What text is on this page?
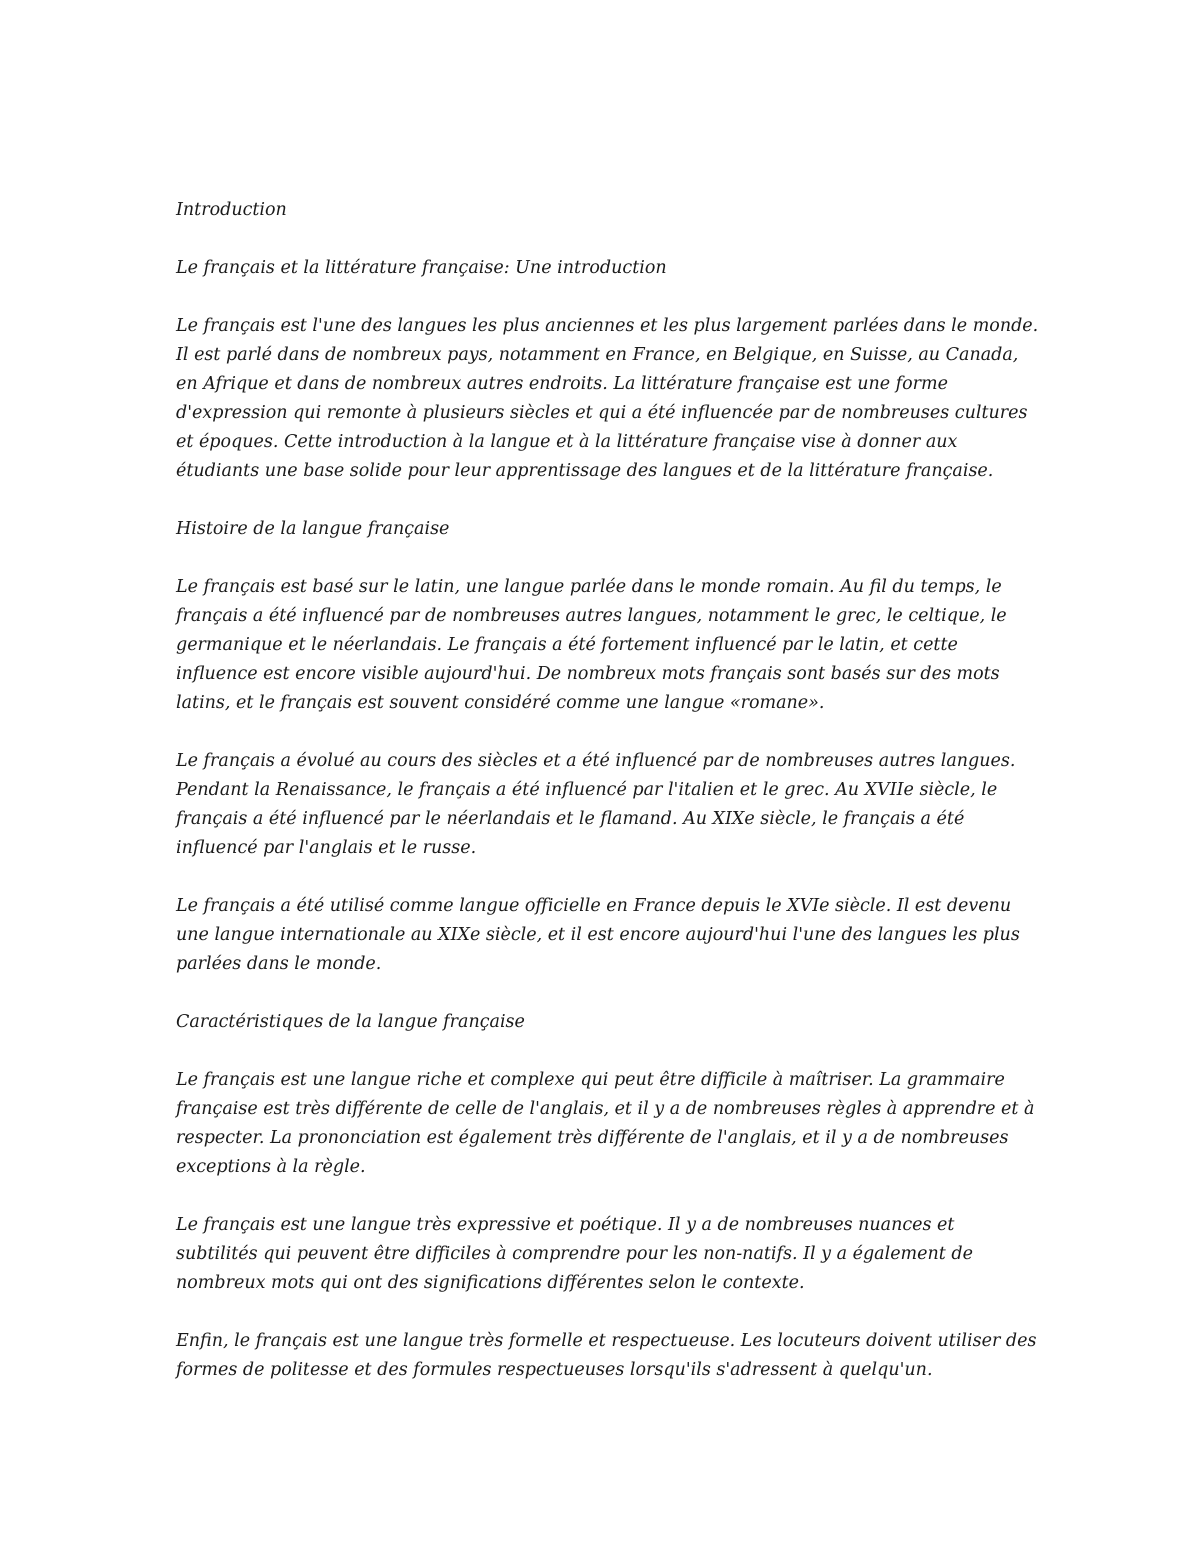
Introduction

Le français et la littérature française: Une introduction

Le français est l'une des langues les plus anciennes et les plus largement parlées dans le monde.
Il est parlé dans de nombreux pays, notamment en France, en Belgique, en Suisse, au Canada,
en Afrique et dans de nombreux autres endroits. La littérature française est une forme
d'expression qui remonte à plusieurs siècles et qui a été influencée par de nombreuses cultures
et époques. Cette introduction à la langue et à la littérature française vise à donner aux
étudiants une base solide pour leur apprentissage des langues et de la littérature française.

Histoire de la langue française

Le français est basé sur le latin, une langue parlée dans le monde romain. Au fil du temps, le
français a été influencé par de nombreuses autres langues, notamment le grec, le celtique, le
germanique et le néerlandais. Le français a été fortement influencé par le latin, et cette
influence est encore visible aujourd'hui. De nombreux mots français sont basés sur des mots
latins, et le français est souvent considéré comme une langue «romane».

Le français a évolué au cours des siècles et a été influencé par de nombreuses autres langues.
Pendant la Renaissance, le français a été influencé par l'italien et le grec. Au XVIIe siècle, le
français a été influencé par le néerlandais et le flamand. Au XIXe siècle, le français a été
influencé par l'anglais et le russe.

Le français a été utilisé comme langue officielle en France depuis le XVIe siècle. Il est devenu
une langue internationale au XIXe siècle, et il est encore aujourd'hui l'une des langues les plus
parlées dans le monde.

Caractéristiques de la langue française

Le français est une langue riche et complexe qui peut être difficile à maîtriser. La grammaire
française est très différente de celle de l'anglais, et il y a de nombreuses règles à apprendre et à
respecter. La prononciation est également très différente de l'anglais, et il y a de nombreuses
exceptions à la règle.

Le français est une langue très expressive et poétique. Il y a de nombreuses nuances et
subtilités qui peuvent être difficiles à comprendre pour les non-natifs. Il y a également de
nombreux mots qui ont des significations différentes selon le contexte.

Enfin, le français est une langue très formelle et respectueuse. Les locuteurs doivent utiliser des
formes de politesse et des formules respectueuses lorsqu'ils s'adressent à quelqu'un.
